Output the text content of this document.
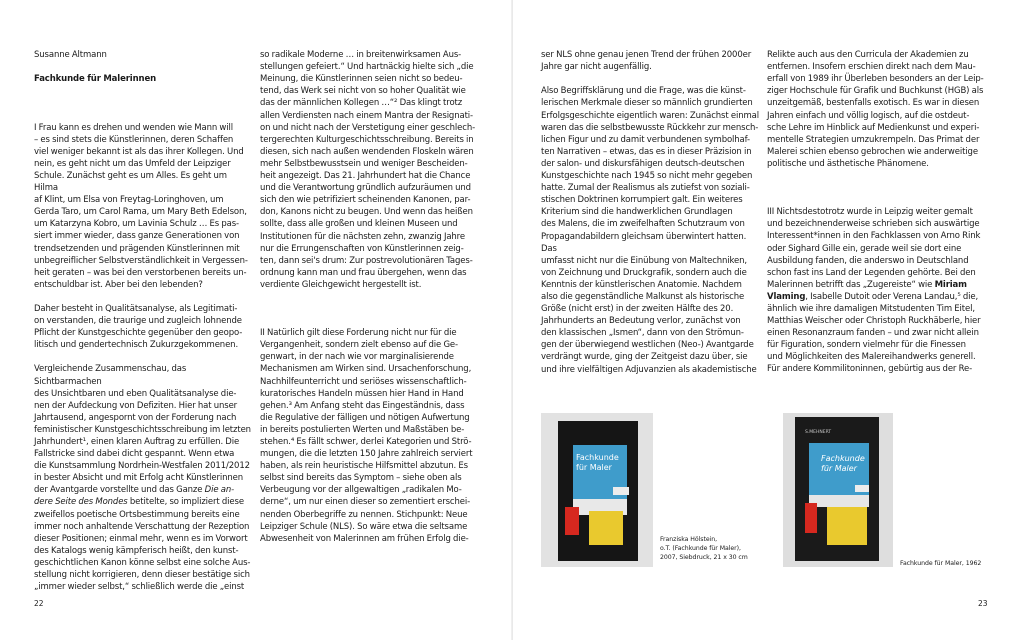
Susanne Altmann

Fachkunde für Malerinnen

I Frau kann es drehen und wenden wie Mann will
– es sind stets die Künstlerinnen, deren Schaffen
viel weniger bekannt ist als das ihrer Kollegen. Und
nein, es geht nicht um das Umfeld der Leipziger
Schule. Zunächst geht es um Alles. Es geht um Hilma
af Klint, um Elsa von Freytag-Loringhoven, um
Gerda Taro, um Carol Rama, um Mary Beth Edelson,
um Katarzyna Kobro, um Lavinia Schulz … Es pas-
siert immer wieder, dass ganze Generationen von
trendsetzenden und prägenden Künstlerinnen mit
unbegreiflicher Selbstverständlichkeit in Vergessen-
heit geraten – was bei den verstorbenen bereits un-
entschuldbar ist. Aber bei den lebenden?

Daher besteht in Qualitätsanalyse, als Legitimati-
on verstanden, die traurige und zugleich lohnende
Pflicht der Kunstgeschichte gegenüber den geopo-
litisch und gendertechnisch Zukurzgekommenen.

Vergleichende Zusammenschau, das Sichtbarmachen
des Unsichtbaren und eben Qualitätsanalyse die-
nen der Aufdeckung von Defiziten. Hier hat unser
Jahrtausend, angespornt von der Forderung nach
feministischer Kunstgeschichtsschreibung im letzten
Jahrhundert¹, einen klaren Auftrag zu erfüllen. Die
Fallstricke sind dabei dicht gespannt. Wenn etwa
die Kunstsammlung Nordrhein-Westfalen 2011/2012
in bester Absicht und mit Erfolg acht Künstlerinnen
der Avantgarde vorstellte und das Ganze Die an-
dere Seite des Mondes betitelte, so impliziert diese
zweifellos poetische Ortsbestimmung bereits eine
immer noch anhaltende Verschattung der Rezeption
dieser Positionen; einmal mehr, wenn es im Vorwort
des Katalogs wenig kämpferisch heißt, den kunst-
geschichtlichen Kanon könne selbst eine solche Aus-
stellung nicht korrigieren, denn dieser bestätige sich
„immer wieder selbst,“ schließlich werde die „einst

so radikale Moderne … in breitenwirksamen Aus-
stellungen gefeiert.“ Und hartnäckig hielte sich „die
Meinung, die Künstlerinnen seien nicht so bedeu-
tend, das Werk sei nicht von so hoher Qualität wie
das der männlichen Kollegen …“² Das klingt trotz
allen Verdiensten nach einem Mantra der Resignati-
on und nicht nach der Verstetigung einer geschlech-
tergerechten Kulturgeschichtsschreibung. Bereits in
diesen, sich nach außen wendenden Floskeln wären
mehr Selbstbewusstsein und weniger Bescheiden-
heit angezeigt. Das 21. Jahrhundert hat die Chance
und die Verantwortung gründlich aufzuräumen und
sich den wie petrifiziert scheinenden Kanonen, par-
don, Kanons nicht zu beugen. Und wenn das heißen
sollte, dass alle großen und kleinen Museen und
Institutionen für die nächsten zehn, zwanzig Jahre
nur die Errungenschaften von Künstlerinnen zeig-
ten, dann sei's drum: Zur postrevolutionären Tages-
ordnung kann man und frau übergehen, wenn das
verdiente Gleichgewicht hergestellt ist.

II Natürlich gilt diese Forderung nicht nur für die
Vergangenheit, sondern zielt ebenso auf die Ge-
genwart, in der nach wie vor marginalisierende
Mechanismen am Wirken sind. Ursachenforschung,
Nachhilfeunterricht und seriöses wissenschaftlich-
kuratorisches Handeln müssen hier Hand in Hand
gehen.³ Am Anfang steht das Eingeständnis, dass
die Regulative der fälligen und nötigen Aufwertung
in bereits postulierten Werten und Maßstäben be-
stehen.⁴ Es fällt schwer, derlei Kategorien und Strö-
mungen, die die letzten 150 Jahre zahlreich serviert
haben, als rein heuristische Hilfsmittel abzutun. Es
selbst sind bereits das Symptom – siehe oben als
Verbeugung vor der allgewaltigen „radikalen Mo-
derne“, um nur einen dieser so zementiert erschei-
nenden Oberbegriffe zu nennen. Stichpunkt: Neue
Leipziger Schule (NLS). So wäre etwa die seltsame
Abwesenheit von Malerinnen am frühen Erfolg die-

22

ser NLS ohne genau jenen Trend der frühen 2000er
Jahre gar nicht augenfällig.

Also Begriffsklärung und die Frage, was die künst-
lerischen Merkmale dieser so männlich grundierten
Erfolgsgeschichte eigentlich waren: Zunächst einmal
waren das die selbstbewusste Rückkehr zur mensch-
lichen Figur und zu damit verbundenen symbolhaf-
ten Narrativen – etwas, das es in dieser Präzision in
der salon- und diskursfähigen deutsch-deutschen
Kunstgeschichte nach 1945 so nicht mehr gegeben
hatte. Zumal der Realismus als zutiefst von soziali-
stischen Doktrinen korrumpiert galt. Ein weiteres
Kriterium sind die handwerklichen Grundlagen
des Malens, die im zweifelhaften Schutzraum von
Propagandabildern gleichsam überwintert hatten. Das
umfasst nicht nur die Einübung von Maltechniken,
von Zeichnung und Druckgrafik, sondern auch die
Kenntnis der künstlerischen Anatomie. Nachdem
also die gegenständliche Malkunst als historische
Größe (nicht erst) in der zweiten Hälfte des 20.
Jahrhunderts an Bedeutung verlor, zunächst von
den klassischen „Ismen“, dann von den Strömun-
gen der überwiegend westlichen (Neo-) Avantgarde
verdrängt wurde, ging der Zeitgeist dazu über, sie
und ihre vielfältigen Adjuvanzien als akademistische

Relikte auch aus den Curricula der Akademien zu
entfernen. Insofern erschien direkt nach dem Mau-
erfall von 1989 ihr Überleben besonders an der Leip-
ziger Hochschule für Grafik und Buchkunst (HGB) als
unzeitgemäß, bestenfalls exotisch. Es war in diesen
Jahren einfach und völlig logisch, auf die ostdeut-
sche Lehre im Hinblick auf Medienkunst und experi-
mentelle Strategien umzukrempeln. Das Primat der
Malerei schien ebenso gebrochen wie anderweitige
politische und ästhetische Phänomene.

III Nichtsdestotrotz wurde in Leipzig weiter gemalt
und bezeichnenderweise schrieben sich auswärtige
Interessent*innen in den Fachklassen von Arno Rink
oder Sighard Gille ein, gerade weil sie dort eine
Ausbildung fanden, die anderswo in Deutschland
schon fast ins Land der Legenden gehörte. Bei den
Malerinnen betrifft das „Zugereiste“ wie Miriam
Vlaming, Isabelle Dutoit oder Verena Landau,⁵ die,
ähnlich wie ihre damaligen Mitstudenten Tim Eitel,
Matthias Weischer oder Christoph Ruckhäberle, hier
einen Resonanzraum fanden – und zwar nicht allein
für Figuration, sondern vielmehr für die Finessen
und Möglichkeiten des Malereihandwerks generell.
Für andere Kommilitoninnen, gebürtig aus der Re-

Fachkunde
für Maler
Franziska Hölstein,
o.T. (Fachkunde für Maler),
2007, Siebdruck, 21 x 30 cm
S.MEHNERT
Fachkunde
für Maler
Fachkunde für Maler, 1962
23
